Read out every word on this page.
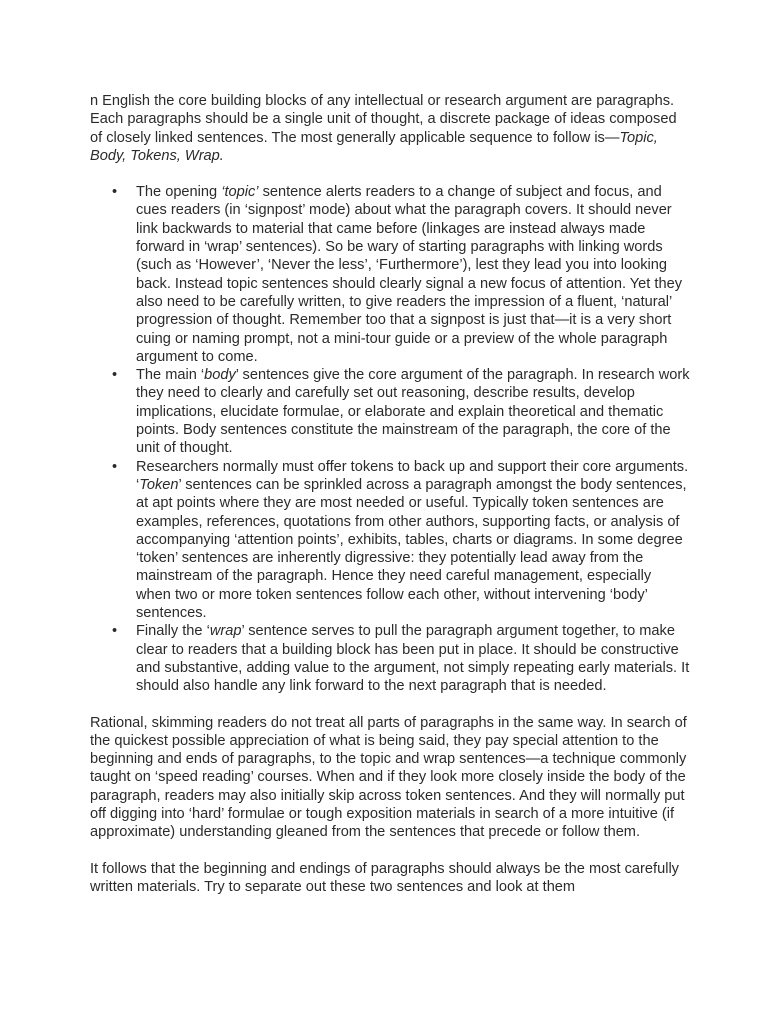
n English the core building blocks of any intellectual or research argument are paragraphs. Each paragraphs should be a single unit of thought, a discrete package of ideas composed of closely linked sentences. The most generally applicable sequence to follow is—Topic, Body, Tokens, Wrap.

• The opening ‘topic’ sentence alerts readers to a change of subject and focus, and cues readers (in ‘signpost’ mode) about what the paragraph covers. It should never link backwards to material that came before (linkages are instead always made forward in ‘wrap’ sentences). So be wary of starting paragraphs with linking words (such as ‘However’, ‘Never the less’, ‘Furthermore’), lest they lead you into looking back. Instead topic sentences should clearly signal a new focus of attention. Yet they also need to be carefully written, to give readers the impression of a fluent, ‘natural’ progression of thought. Remember too that a signpost is just that—it is a very short cuing or naming prompt, not a mini-tour guide or a preview of the whole paragraph argument to come.
• The main ‘body’ sentences give the core argument of the paragraph. In research work they need to clearly and carefully set out reasoning, describe results, develop implications, elucidate formulae, or elaborate and explain theoretical and thematic points. Body sentences constitute the mainstream of the paragraph, the core of the unit of thought.
• Researchers normally must offer tokens to back up and support their core arguments. ‘Token’ sentences can be sprinkled across a paragraph amongst the body sentences, at apt points where they are most needed or useful. Typically token sentences are examples, references, quotations from other authors, supporting facts, or analysis of accompanying ‘attention points’, exhibits, tables, charts or diagrams. In some degree ‘token’ sentences are inherently digressive: they potentially lead away from the mainstream of the paragraph. Hence they need careful management, especially when two or more token sentences follow each other, without intervening ‘body’ sentences.
• Finally the ‘wrap’ sentence serves to pull the paragraph argument together, to make clear to readers that a building block has been put in place. It should be constructive and substantive, adding value to the argument, not simply repeating early materials. It should also handle any link forward to the next paragraph that is needed.

Rational, skimming readers do not treat all parts of paragraphs in the same way. In search of the quickest possible appreciation of what is being said, they pay special attention to the beginning and ends of paragraphs, to the topic and wrap sentences—a technique commonly taught on ‘speed reading’ courses. When and if they look more closely inside the body of the paragraph, readers may also initially skip across token sentences. And they will normally put off digging into ‘hard’ formulae or tough exposition materials in search of a more intuitive (if approximate) understanding gleaned from the sentences that precede or follow them.

It follows that the beginning and endings of paragraphs should always be the most carefully written materials. Try to separate out these two sentences and look at them
